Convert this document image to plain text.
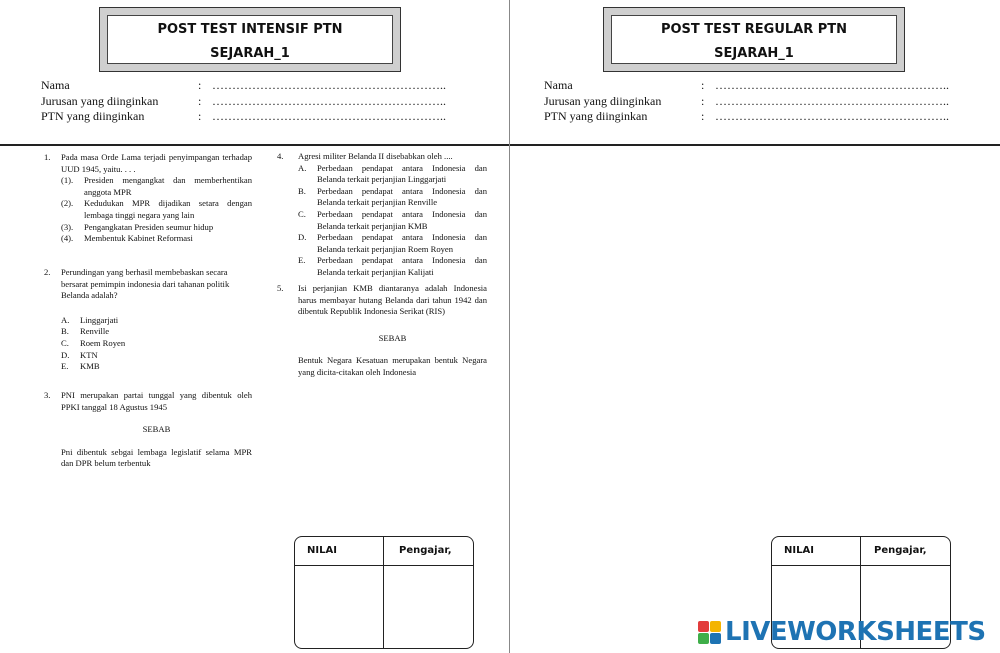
POST TEST INTENSIF PTN
SEJARAH_1
POST TEST REGULAR PTN
SEJARAH_1
Nama	: …………………………………………………..
Jurusan yang diinginkan	: …………………………………………………..
PTN yang diinginkan	: …………………………………………………..
Nama	: …………………………………………………..
Jurusan yang diinginkan	: …………………………………………………..
PTN yang diinginkan	: …………………………………………………..
1. Pada masa Orde Lama terjadi penyimpangan terhadap UUD 1945, yaitu. . . .

(1). Presiden mengangkat dan memberhentikan anggota MPR

(2). Kedudukan MPR dijadikan setara dengan lembaga tinggi negara yang lain

(3). Pengangkatan Presiden seumur hidup

(4). Membentuk Kabinet Reformasi

2. Perundingan yang berhasil membebaskan secara bersarat pemimpin indonesia dari tahanan politik Belanda adalah?

A. Linggarjati

B. Renville

C. Roem Royen

D. KTN

E. KMB

3. PNI merupakan partai tunggal yang dibentuk oleh PPKI tanggal 18 Agustus 1945

SEBAB

Pni dibentuk sebgai lembaga legislatif selama MPR dan DPR belum terbentuk

4. Agresi militer Belanda II disebabkan oleh ....

A. Perbedaan pendapat antara Indonesia dan Belanda terkait perjanjian Linggarjati

B. Perbedaan pendapat antara Indonesia dan Belanda terkait perjanjian Renville

C. Perbedaan pendapat antara Indonesia dan Belanda terkait perjanjian KMB

D. Perbedaan pendapat antara Indonesia dan Belanda terkait perjanjian Roem Royen

E. Perbedaan pendapat antara Indonesia dan Belanda terkait perjanjian Kalijati

5. Isi perjanjian KMB diantaranya adalah Indonesia harus membayar hutang Belanda dari tahun 1942 dan dibentuk Republik Indonesia Serikat (RIS)

SEBAB

Bentuk Negara Kesatuan merupakan bentuk Negara yang dicita-citakan oleh Indonesia

NILAI	Pengajar,	NILAI	Pengajar,
LIVEWORKSHEETS
